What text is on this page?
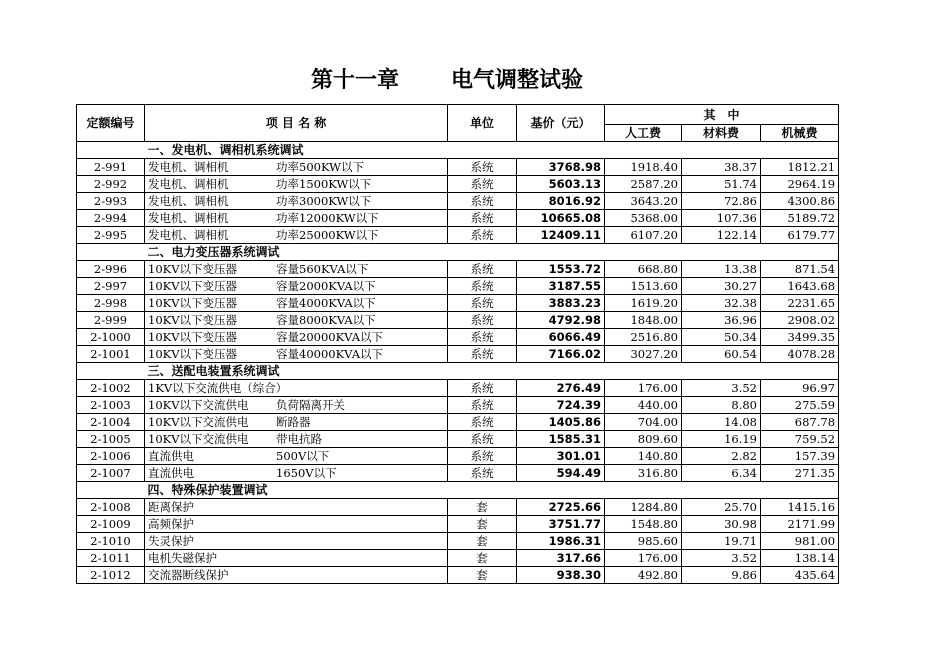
第十一章 电气调整试验
定额编号	项 目 名 称	单位	基价（元）	其　中		
				人工费	材料费	机械费
	一、发电机、调相机系统调试					
2-991	发电机、调相机 功率500KW以下	系统	3768.98	1918.40	38.37	1812.21
2-992	发电机、调相机 功率1500KW以下	系统	5603.13	2587.20	51.74	2964.19
2-993	发电机、调相机 功率3000KW以下	系统	8016.92	3643.20	72.86	4300.86
2-994	发电机、调相机 功率12000KW以下	系统	10665.08	5368.00	107.36	5189.72
2-995	发电机、调相机 功率25000KW以下	系统	12409.11	6107.20	122.14	6179.77
	二、电力变压器系统调试					
2-996	10KV以下变压器 容量560KVA以下	系统	1553.72	668.80	13.38	871.54
2-997	10KV以下变压器 容量2000KVA以下	系统	3187.55	1513.60	30.27	1643.68
2-998	10KV以下变压器 容量4000KVA以下	系统	3883.23	1619.20	32.38	2231.65
2-999	10KV以下变压器 容量8000KVA以下	系统	4792.98	1848.00	36.96	2908.02
2-1000	10KV以下变压器 容量20000KVA以下	系统	6066.49	2516.80	50.34	3499.35
2-1001	10KV以下变压器 容量40000KVA以下	系统	7166.02	3027.20	60.54	4078.28
	三、送配电装置系统调试					
2-1002	1KV以下交流供电（综合）	系统	276.49	176.00	3.52	96.97
2-1003	10KV以下交流供电 负荷隔离开关	系统	724.39	440.00	8.80	275.59
2-1004	10KV以下交流供电 断路器	系统	1405.86	704.00	14.08	687.78
2-1005	10KV以下交流供电 带电抗路	系统	1585.31	809.60	16.19	759.52
2-1006	直流供电 500V以下	系统	301.01	140.80	2.82	157.39
2-1007	直流供电 1650V以下	系统	594.49	316.80	6.34	271.35
	四、特殊保护装置调试					
2-1008	距离保护	套	2725.66	1284.80	25.70	1415.16
2-1009	高频保护	套	3751.77	1548.80	30.98	2171.99
2-1010	失灵保护	套	1986.31	985.60	19.71	981.00
2-1011	电机失磁保护	套	317.66	176.00	3.52	138.14
2-1012	交流器断线保护	套	938.30	492.80	9.86	435.64
